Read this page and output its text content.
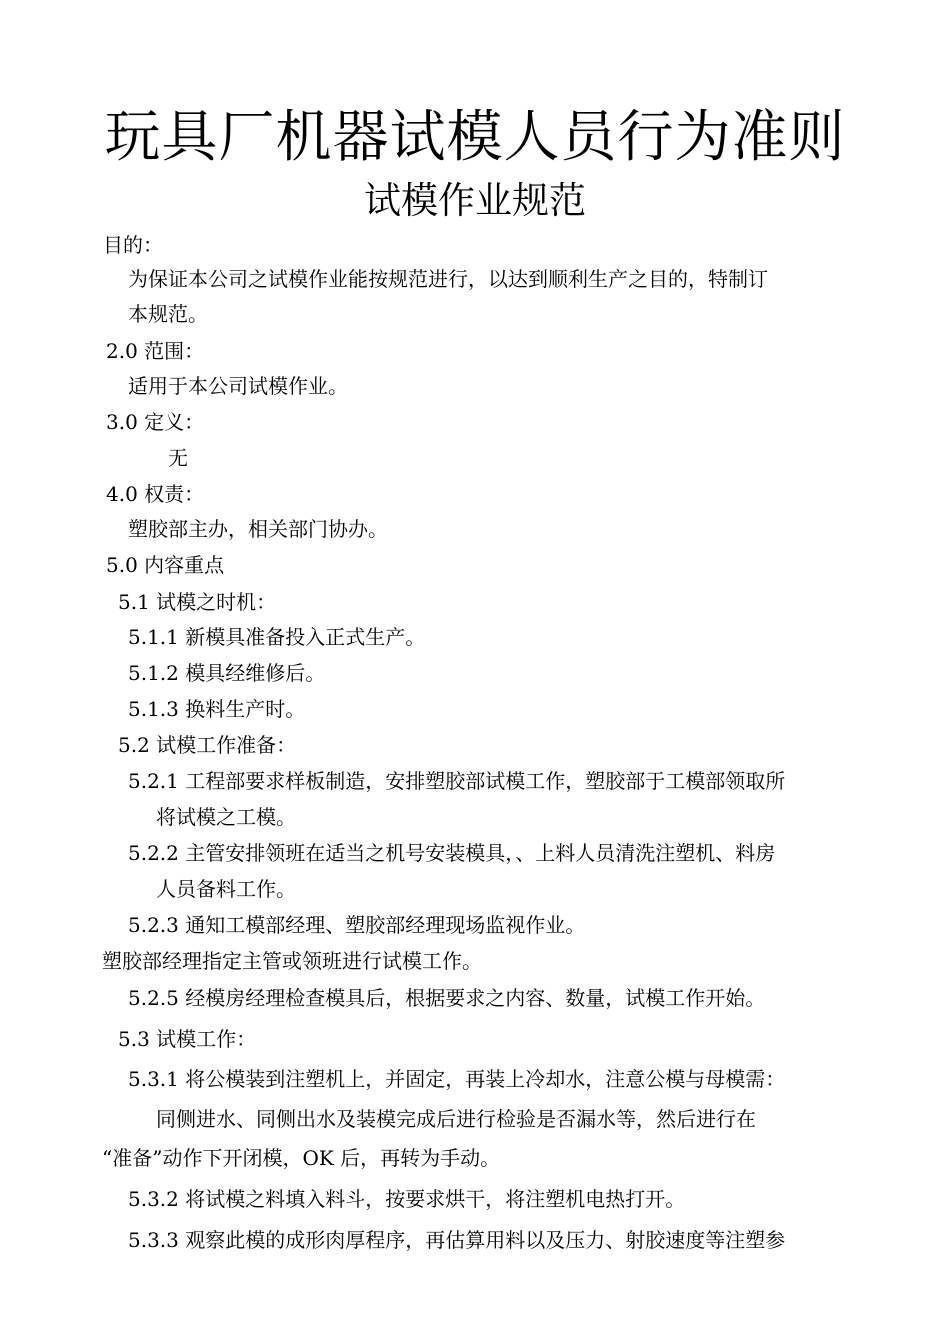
玩具厂机器试模人员行为准则
试模作业规范
目的：
为保证本公司之试模作业能按规范进行，以达到顺利生产之目的，特制订
本规范。
2.0 范围：
适用于本公司试模作业。
3.0 定义：
无
4.0 权责：
塑胶部主办，相关部门协办。
5.0 内容重点
5.1 试模之时机：
5.1.1 新模具准备投入正式生产。
5.1.2 模具经维修后。
5.1.3 换料生产时。
5.2 试模工作准备：
5.2.1 工程部要求样板制造，安排塑胶部试模工作，塑胶部于工模部领取所
将试模之工模。
5.2.2 主管安排领班在适当之机号安装模具，、上料人员清洗注塑机、料房
人员备料工作。
5.2.3 通知工模部经理、塑胶部经理现场监视作业。
塑胶部经理指定主管或领班进行试模工作。
5.2.5 经模房经理检查模具后，根据要求之内容、数量，试模工作开始。
5.3 试模工作：
5.3.1 将公模装到注塑机上，并固定，再装上冷却水，注意公模与母模需：
同侧进水、同侧出水及装模完成后进行检验是否漏水等，然后进行在
“准备”动作下开闭模，OK 后，再转为手动。
5.3.2 将试模之料填入料斗，按要求烘干，将注塑机电热打开。
5.3.3 观察此模的成形肉厚程序，再估算用料以及压力、射胶速度等注塑参
